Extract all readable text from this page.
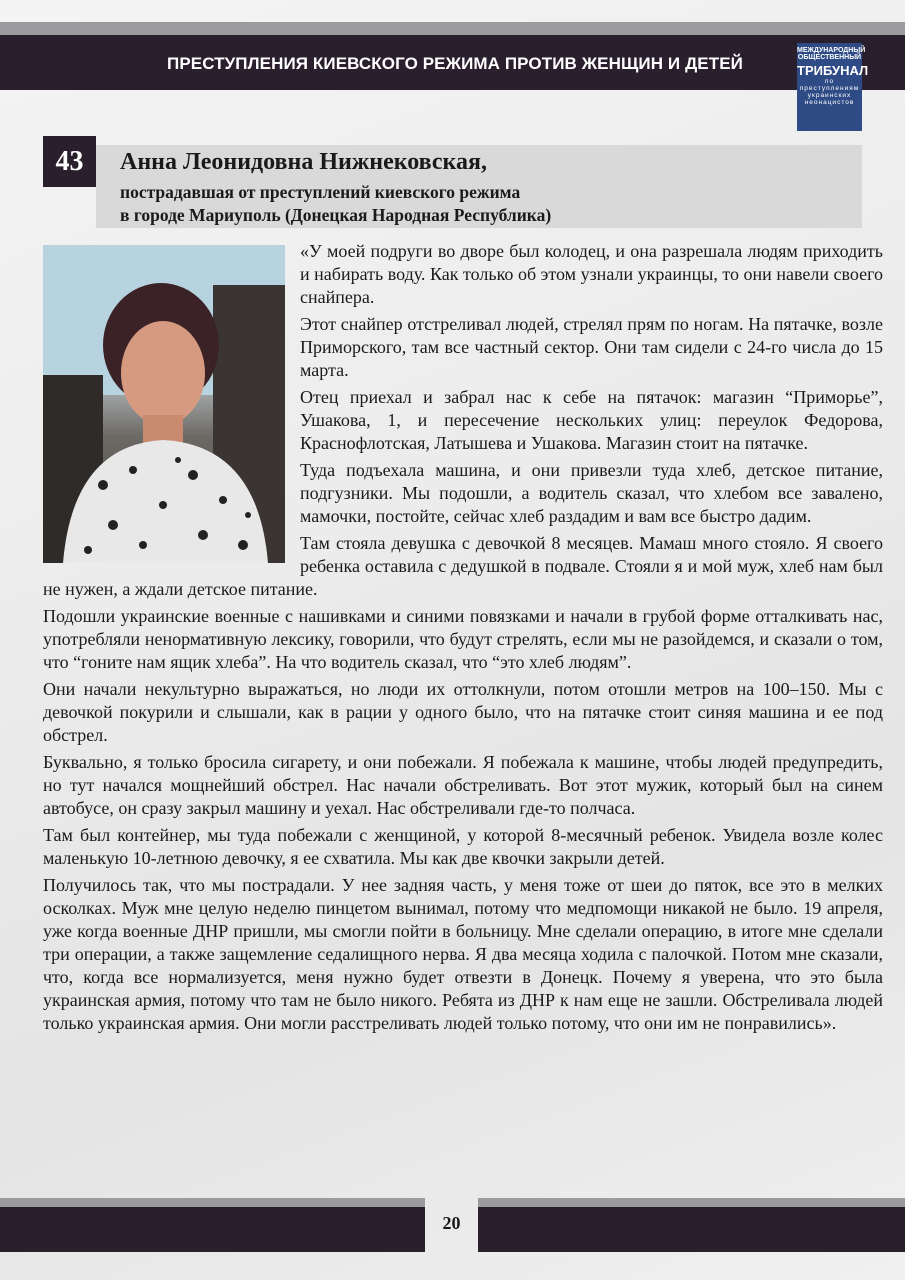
ПРЕСТУПЛЕНИЯ КИЕВСКОГО РЕЖИМА ПРОТИВ ЖЕНЩИН И ДЕТЕЙ
МЕЖДУНАРОДНЫЙ
ОБЩЕСТВЕННЫЙ
ТРИБУНАЛ
по преступлениям
украинских
неонацистов
43	Анна Леонидовна Нижнековская,
пострадавшая от преступлений киевского режима
в городе Мариуполь (Донецкая Народная Республика)

«У моей подруги во дворе был колодец, и она разрешала людям приходить и набирать воду. Как только об этом узнали украинцы, то они навели своего снайпера.

Этот снайпер отстреливал людей, стрелял прям по ногам. На пятачке, возле Приморского, там все частный сектор. Они там сидели с 24-го числа до 15 марта.

Отец приехал и забрал нас к себе на пятачок: магазин “Приморье”, Ушакова, 1, и пересечение нескольких улиц: переулок Федорова, Краснофлотская, Латышева и Ушакова. Магазин стоит на пятачке.

Туда подъехала машина, и они привезли туда хлеб, детское питание, подгузники. Мы подошли, а водитель сказал, что хлебом все завалено, мамочки, постойте, сейчас хлеб раздадим и вам все быстро дадим.

Там стояла девушка с девочкой 8 месяцев. Мамаш много стояло. Я своего ребенка оставила с дедушкой в подвале. Стояли я и мой муж, хлеб нам был не нужен, а ждали детское питание.

Подошли украинские военные с нашивками и синими повязками и начали в грубой форме отталкивать нас, употребляли ненормативную лексику, говорили, что будут стрелять, если мы не разойдемся, и сказали о том, что “гоните нам ящик хлеба”. На что водитель сказал, что “это хлеб людям”.

Они начали некультурно выражаться, но люди их оттолкнули, потом отошли метров на 100–150. Мы с девочкой покурили и слышали, как в рации у одного было, что на пятачке стоит синяя машина и ее под обстрел.

Буквально, я только бросила сигарету, и они побежали. Я побежала к машине, чтобы людей предупредить, но тут начался мощнейший обстрел. Нас начали обстреливать. Вот этот мужик, который был на синем автобусе, он сразу закрыл машину и уехал. Нас обстреливали где-то полчаса.

Там был контейнер, мы туда побежали с женщиной, у которой 8-месячный ребенок. Увидела возле колес маленькую 10-летнюю девочку, я ее схватила. Мы как две квочки закрыли детей.

Получилось так, что мы пострадали. У нее задняя часть, у меня тоже от шеи до пяток, все это в мелких осколках. Муж мне целую неделю пинцетом вынимал, потому что медпомощи никакой не было. 19 апреля, уже когда военные ДНР пришли, мы смогли пойти в больницу. Мне сделали операцию, в итоге мне сделали три операции, а также защемление седалищного нерва. Я два месяца ходила с палочкой. Потом мне сказали, что, когда все нормализуется, меня нужно будет отвезти в Донецк. Почему я уверена, что это была украинская армия, потому что там не было никого. Ребята из ДНР к нам еще не зашли. Обстреливала людей только украинская армия. Они могли расстреливать людей только потому, что они им не понравились».

20
